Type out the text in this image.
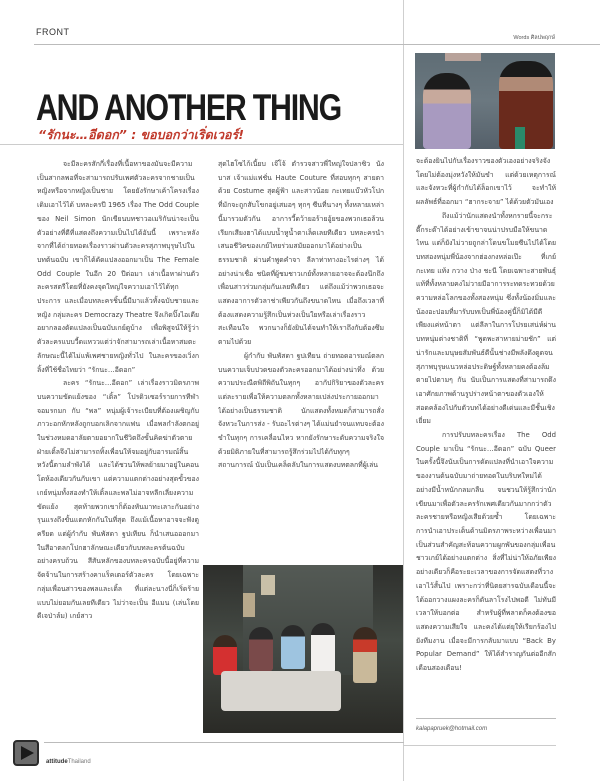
FRONT
Words ศิลปพฤกษ์
AND ANOTHER THING
“รักนะ…อีดอก” : ขอบอกว่าเริ่ดเวอร์!

จะมีละครสักกี่เรื่องที่เนื้อหาของมันจะมีความเป็นสากลพอที่จะสามารถปรับเพศตัวละครจากชายเป็นหญิงหรือจากหญิงเป็นชาย โดยยังรักษาเค้าโครงเรื่องเดิมเอาไว้ได้ บทละครปี 1965 เรื่อง The Odd Couple ของ Neil Simon นักเขียนบทชาวอเมริกันน่าจะเป็นตัวอย่างที่ดีที่แสดงถึงความเป็นไปได้อันนี้ เพราะหลังจากที่ได้ถ่ายทอดเรื่องราวผ่านตัวละครสุภาพบุรุษไปในบทต้นฉบับ เขาก็ได้ดัดแปลงออกมาเป็น The Female Odd Couple ในอีก 20 ปีต่อมา เล่าเนื้อหาผ่านตัวละครสตรีโดยที่ยังคงจุดใหญ่ใจความเอาไว้ได้ทุกประการ และเมื่อบทละครชิ้นนี้มีมาแล้วทั้งฉบับชายและหญิง กลุ่มละคร Democrazy Theatre จึงเกิดปิ๊งไอเดียอยากลองดัดแปลงเป็นฉบับเกย์ดูบ้าง เพื่อพิสูจน์ให้รู้ว่าตัวละครแบบวี้ดแหววแต่ว่าจักสามารถเล่าเนื้อหาสมตะลักษณะนี้ได้ไม่แพ้เพศชายหญิงทั่วไป ในละครของเวิ่งกลิ้งที่ใช้ชื่อไทยว่า “รักนะ…อีดอก”

ละคร “รักนะ…อีดอก” เล่าเรื่องราวมิตรภาพบนความขัดแย้งของ “เติ้ล” โปรดิวเซอร์รายการทีฬาจอมรกมก กับ “พล” หนุ่มผู้เจ้าระเบียบที่ต้องเผชิญกับภาวะอกหักหลังถูกบอกเลิกจากแฟน เมื่อพลกำลังตกอยู่ในช่วงหมดอาลัยตายอยากในชีวิตถึงขั้นคิดฆ่าตัวตาย ฝ่ายเติ้ลจึงไม่สามารถทิ้งเพื่อนให้จมอยู่กับอารมณ์สิ้นหวังนี้ตามลำพังได้ และได้ชวนให้พลย้ายมาอยู่ในคอนโดห้องเดียวกันกับเขา แต่ความแตกต่างอย่างสุดขั้วของเกย์หนุ่มทั้งสองทำให้เติ้ลและพลไม่อาจหลีกเลี่ยงความขัดแย้ง สุดท้ายพวกเขาก็ต้องหันมาทะเลาะกันอย่างรุนแรงถึงขั้นแตกหักกันในที่สุด ถึงแม้เนื้อหาอาจจะฟังดูครียด แต่ผู้กำกับ พันพัสดา ฐปเทียน ก็นำเสนอออกมาในสีอาตลกโปกฮาลักษณะเดียวกับบทละครต้นฉบับอย่างครบถ้วน สีสันหลักของบทละครฉบับนี้อยู่ที่ความจัดจ้านในการสร้างคาแร็คเตอร์ตัวละคร โดยเฉพาะกลุ่มเพื่อนสาวของพลและเติ้ล ที่แต่ละนางนี่ก็เริ่ดร้ายแบบไม่ยอมกันเลยทีเดียว ไม่ว่าจะเป็น อีแมน (เล่นโดย ดีเจป่าล์ม) เกย์สาว

สุดไฮโซไก้เนี้ยบ เจ๊โจ้ ตำรวจสาวพี่ใหญ่ใจปลาซิว นังบาส เจ้าแม่แฟชั่น Haute Couture ที่สอบทุกๆ สายตาด้วย Costume สุดผู้ฟ้า และสาวน้อย กะเทยแบ๊วหัวโปกที่มักจะถูกสับโขกอยู่เสมอๆ ทุกๆ ซีนที่นางๆ ทั้งหลายเหล่านี้มารวมตัวกัน อาการวี้ดว้ายอร้ายอู้ยของพวกเธอล้วนเรียกเสียงฮาได้แบบน้ำหูน้ำตาเล็ดเลยทีเดียว บทละครนำเสนอชีวิตของเกย์ไทยร่วมสมัยออกมาได้อย่างเป็นธรรมชาติ ผ่านคำพูดคำจา ลีลาท่าทางอะไรต่างๆ ได้อย่างน่าเชื่อ ชนิดที่ผู้ชมชาวเกย์ทั้งหลายอาจจะต้องนึกถึงเพื่อนสาวร่วมกลุ่มกันเลยทีเดียว แต่ถึงแม้ว่าพวกเธอจะแสดงอาการตัวลาช่าเพียวกันถึงขนาดไหน เมื่อถึงเวลาที่ต้องแสดงความรู้สึกเป็นห่วงเป็นใยหรือเล่าเรื่องราวสะเทือนใจ พวกนางก็ยังยินได้จนทำให้เราถึงกับต้องซึมตามไปด้วย

ผู้กำกับ พันพัสดา ฐปเทียน ถ่ายทอดอารมณ์ตลกบนความเจ็บปวดของตัวละครออกมาได้อย่างน่าทึ่ง ด้วยความประณีตพิถีพิถันในทุกๆ อากัปกิริยาของตัวละครแต่ละรายเพื่อให้ความตลกทั้งหลายเปล่งประกายออกมาได้อย่างเป็นธรรมชาติ นักแสดงทั้งหมดก็สามารถสั่งจังหวะในการส่ง - รับอะไรต่างๆ ได้แม่นยำจนแทบจะต้องขำในทุกๆ การเคลื่อนไหว หากยังรักษาระดับความจริงใจด้วยมิติภายในที่สามารถรู้สึกร่วมไปได้กับทุกๆ สถานการณ์ นับเป็นเคล็ดลับในการแสดงบทตลกที่ผู้เล่น

จะต้องยินไปกับเรื่องราวของตัวเองอย่างจริงจังโดยไม่ต้องมุ่งหวังให้มันขำ แต่ด้วยเหตุการณ์และจังหวะที่ผู้กำกับได้ล็อกเขาไว้ จะทำให้ผลลัพธ์ที่ออกมา “ฮากระจาย” ได้ด้วยตัวมันเอง

ถึงแม้ว่านักแสดงนำทั้งหกรายนี้จะกระดี๊กระด๊าได้อย่างเข้าขาจนน่าปรบมือให้ขนาดไหน แต่ก็ยังไม่วายถูกล่าโดนขโมยซีนไปได้โดยบทสองหนุ่มพี่น้องจากฮ่องกงหล่อเป๊ะ ที่เกย์ กะเทย แท้ง กวาง ป่าง ชะนี โดยเฉพาะสายพันธุ์แท้ที่ทั้งหลายคงไม่วายมีอาการระทดระทวยด้วยความหล่อโลกของทั้งสองหนุ่ม ซึ่งทั้งน้องมิ่มและน้องอะปอมที่มารับบทเป็นพี่น้องคู่นี้ก็มิได้มีดีเพียงแค่หน้าตา แต่ลีลาในการโปรยเสน่ห์ผ่านบทหนุ่มต่างชาติที่ “พูดพะสาหายม่ายชัก” แต่น่ารักและมนุษยสัมพันธ์ดีนั้นช่างมีพลังดึงดูดจนสุภาพบุรุษแนวหล่อประดิษฐ์ทั้งหลายคงต้องล้มตายไปตามๆ กัน นับเป็นการแสดงที่สามารถดึงเอาศักยภาพด้านรูปร่างหน้าตาของตัวเองให้สอดคล้องไปกับตัวบทได้อย่างดีเด่นและมีชั้นเชิงเยี่ยม

การปรับบทละครเรื่อง The Odd Couple มาเป็น “รักนะ…อีดอก” ฉบับ Queer ในครั้งนี้จึงนับเป็นการดัดแปลงที่นำเอาใจความของงานต้นฉบับมาถ่ายทอดในบริบทใหม่ได้อย่างมีน้ำหนักกลมกลืน จนชวนให้รู้สึกว่านักเขียนมาเพื่อตัวละครรักเพศเดียวกันมากกว่าตัวละครชายหรือหญิงเสียด้วยซ้ำ โดยเฉพาะการนำเอาประเด็นด้านมิตรภาพระหว่างเพื่อนมาเป็นส่วนสำคัญสะท้อนความผูกพันของกลุ่มเพื่อนชาวเกย์ได้อย่างแตกต่าง สิ่งที่ไม่น่าให้อภัยเพียงอย่างเดียวก็คือระยะเวลาของการจัดแสดงที่วางเอาไว้สั้นไป เพราะกว่าที่นิตยสารฉบับเดือนนี้จะได้ออกวางแผงละครก็ดันลาโรงไปพอดี ไม่ทันมีเวลาให้บอกต่อ สำหรับผู้ที่พลาดก็คงต้องขอแสดงความเสียใจ และคงได้แต่ยุให้เรียกร้องไปยังทีมงาน เมื่อจะมีการกลับมาแบบ “Back By Popular Demand” ให้ได้สำราญกันต่ออีกสักเดือนสองเดือน!

kalapapruek@hotmail.com
attitudeThailand
